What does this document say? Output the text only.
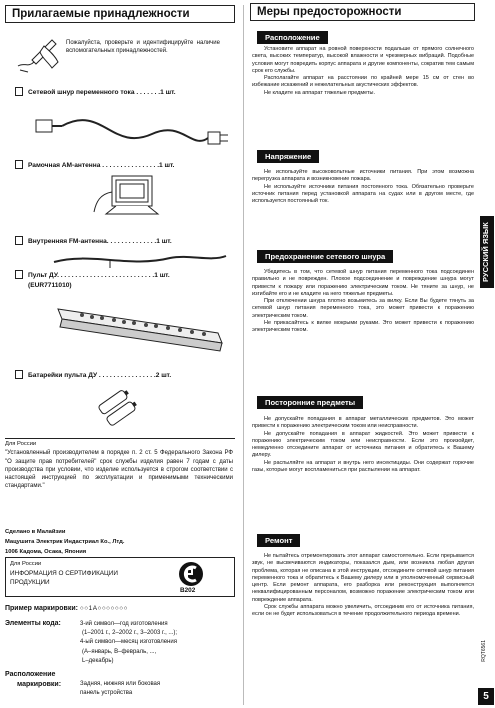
Прилагаемые принадлежности
Пожалуйста, проверьте и идентифицируйте наличие вспомогательных принадлежностей.
Сетевой шнур переменного тока . . . . . . .1 шт.
Рамочная AM-антенна . . . . . . . . . . . . . . . .1 шт.
Внутренняя FM-антенна. . . . . . . . . . . . . .1 шт.
Пульт ДУ. . . . . . . . . . . . . . . . . . . . . . . . . . .1 шт.
(EUR7711010)
Батарейки пульта ДУ . . . . . . . . . . . . . . . .2 шт.
Для России
"Установленный производителем в порядке п. 2 ст. 5 Федерального Закона РФ "О защите прав потребителей" срок службы изделия равен 7 годам с даты производства при условии, что изделие используется в строгом соответствии с настоящей инструкцией по эксплуатации и применимыми техническими стандартами."
Сделано в Малайзии
Мацушита Электрик Индастриал Ко., Лтд.
1006 Кадома, Осака, Япония
Для России
ИНФОРМАЦИЯ О СЕРТИФИКАЦИИ
ПРОДУКЦИИ
B202
Пример маркировки: ○○1A○○○○○○○
Элементы кода:	3-ий символ—год изготовления
(1–2001 г., 2–2002 г., 3–2003 г., ...);
4-ый символ—месяц изготовления
(A–январь, B–февраль, ...,
L–декабрь)
Расположение
маркировки:	Задняя, нижняя или боковая
панель устройства
Меры предосторожности
Расположение

Установите аппарат на ровной поверхности подальше от прямого солнечного света, высоких температур, высокой влажности и чрезмерных вибраций. Подобные условия могут повредить корпус аппарата и другие компоненты, сократив тем самым срок его службы.

Располагайте аппарат на расстоянии по крайней мере 15 см от стен во избежание искажений и нежелательных акустических эффектов.

Не кладите на аппарат тяжелые предметы.

Напряжение

Не используйте высоковольтные источники питания. При этом возможна перегрузка аппарата и возникновение пожара.

Не используйте источники питания постоянного тока. Обязательно проверьте источник питания перед установкой аппарата на судах или в другом месте, где используется постоянный ток.

Предохранение сетевого шнура

Убедитесь в том, что сетевой шнур питания переменного тока подсоединен правильно и не поврежден. Плохое подсоединение и повреждение шнура могут привести к пожару или поражению электрическим током. Не тяните за шнур, не изгибайте его и не кладите на него тяжелые предметы.

При отключении шнура плотно возьмитесь за вилку. Если Вы будете тянуть за сетевой шнур питания переменного тока, это может привести к поражению электрическим током.

Не прикасайтесь к вилке мокрыми руками. Это может привести к поражению электрическим током.

Посторонние предметы

Не допускайте попадания в аппарат металлических предметов. Это может привести к поражению электрическим током или неисправности.

Не допускайте попадания в аппарат жидкостей. Это может привести к поражению электрическим током или неисправности. Если это произойдет, немедленно отсоедините аппарат от источника питания и обратитесь к Вашему дилеру.

Не распыляйте на аппарат и внутрь него инсектициды. Они содержат горючие газы, которые могут воспламениться при распылении на аппарат.

Ремонт

Не пытайтесь отремонтировать этот аппарат самостоятельно. Если прерывается звук, не высвечиваются индикаторы, показался дым, или возникла любая другая проблема, которая не описана в этой инструкции, отсоедините сетевой шнур питания переменного тока и обратитесь к Вашему дилеру или в уполномоченный сервисный центр. Если ремонт аппарата, его разборка или реконструкция выполняется неквалифицированным персоналом, возможно поражение электрическим током или повреждение аппарата.

Срок службы аппарата можно увеличить, отсоединив его от источника питания, если он не будет использоваться в течение продолжительного периода времени.

РУССКИЙ ЯЗЫК
RQT6561
5
